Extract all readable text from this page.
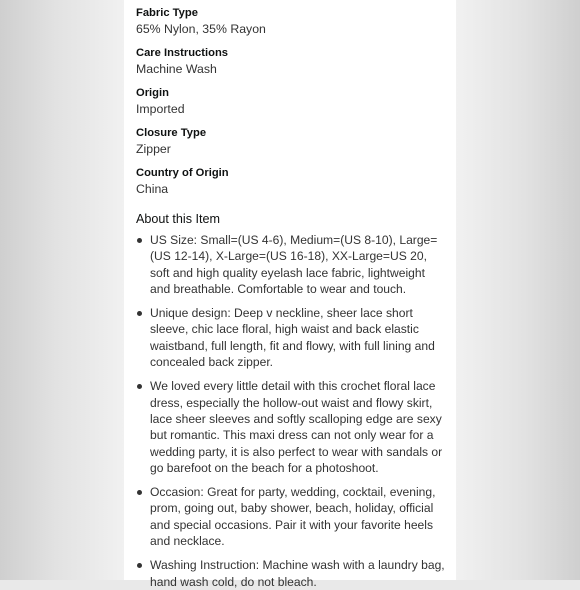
Fabric Type
65% Nylon, 35% Rayon
Care Instructions
Machine Wash
Origin
Imported
Closure Type
Zipper
Country of Origin
China
About this Item
US Size: Small=(US 4-6), Medium=(US 8-10), Large=(US 12-14), X-Large=(US 16-18), XX-Large=US 20, soft and high quality eyelash lace fabric, lightweight and breathable. Comfortable to wear and touch.
Unique design: Deep v neckline, sheer lace short sleeve, chic lace floral, high waist and back elastic waistband, full length, fit and flowy, with full lining and concealed back zipper.
We loved every little detail with this crochet floral lace dress, especially the hollow-out waist and flowy skirt, lace sheer sleeves and softly scalloping edge are sexy but romantic. This maxi dress can not only wear for a wedding party, it is also perfect to wear with sandals or go barefoot on the beach for a photoshoot.
Occasion: Great for party, wedding, cocktail, evening, prom, going out, baby shower, beach, holiday, official and special occasions. Pair it with your favorite heels and necklace.
Washing Instruction: Machine wash with a laundry bag, hand wash cold, do not bleach.
